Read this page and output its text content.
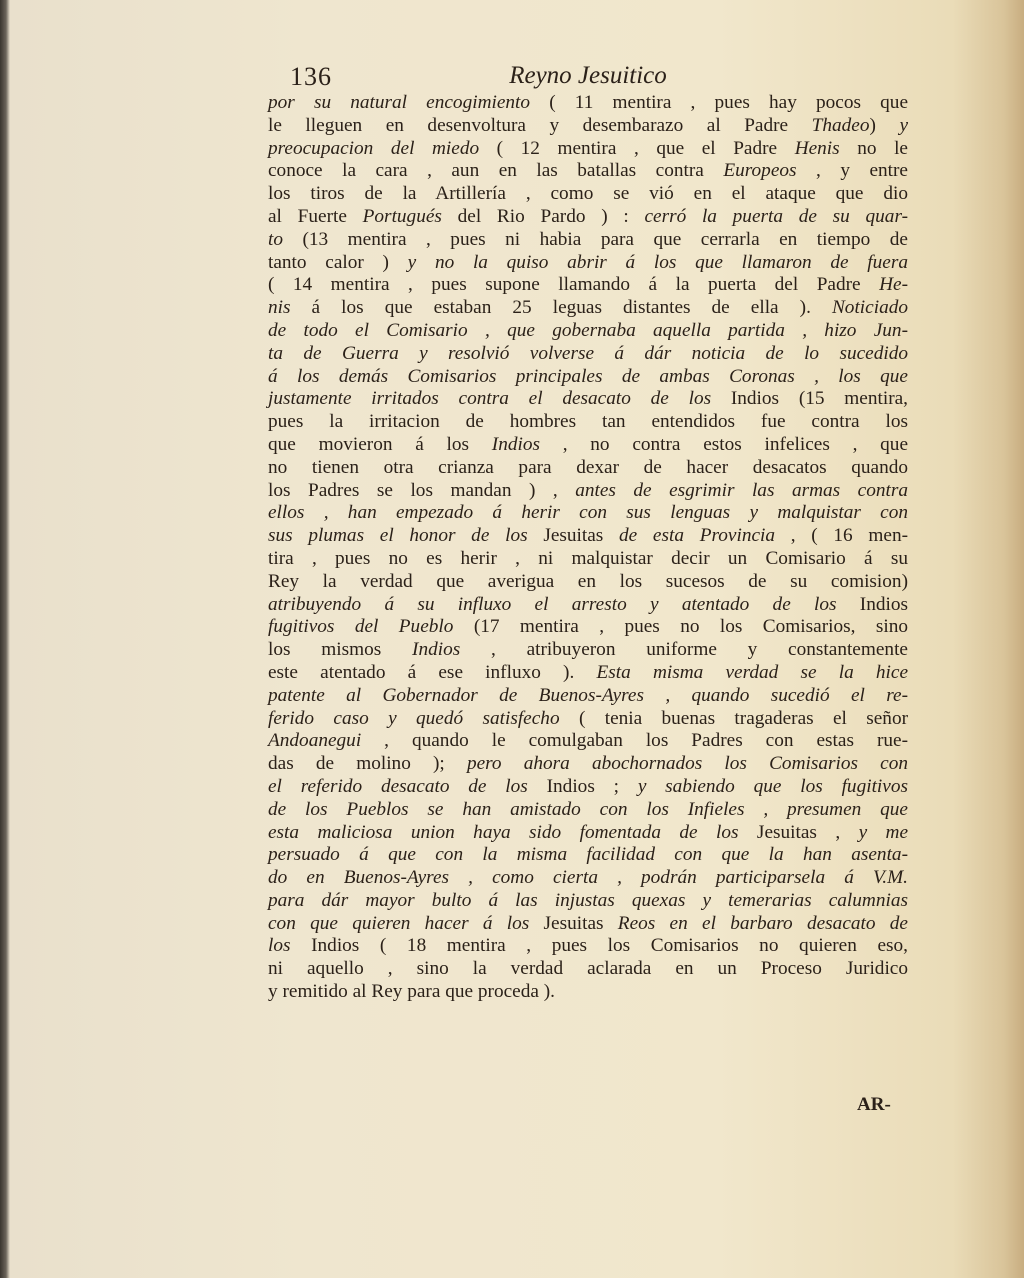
136	Reyno Jesuitico
por su natural encogimiento ( 11 mentira , pues hay pocos que
le lleguen en desenvoltura y desembarazo al Padre Thadeo) y
preocupacion del miedo ( 12 mentira , que el Padre Henis no le
conoce la cara , aun en las batallas contra Europeos , y entre
los tiros de la Artillería , como se vió en el ataque que dio
al Fuerte Portugués del Rio Pardo ) : cerró la puerta de su quar-
to (13 mentira , pues ni habia para que cerrarla en tiempo de
tanto calor ) y no la quiso abrir á los que llamaron de fuera
( 14 mentira , pues supone llamando á la puerta del Padre He-
nis á los que estaban 25 leguas distantes de ella ). Noticiado
de todo el Comisario , que gobernaba aquella partida , hizo Jun-
ta de Guerra y resolvió volverse á dár noticia de lo sucedido
á los demás Comisarios principales de ambas Coronas , los que
justamente irritados contra el desacato de los Indios (15 mentira,
pues la irritacion de hombres tan entendidos fue contra los
que movieron á los Indios , no contra estos infelices , que
no tienen otra crianza para dexar de hacer desacatos quando
los Padres se los mandan ) , antes de esgrimir las armas contra
ellos , han empezado á herir con sus lenguas y malquistar con
sus plumas el honor de los Jesuitas de esta Provincia , ( 16 men-
tira , pues no es herir , ni malquistar decir un Comisario á su
Rey la verdad que averigua en los sucesos de su comision)
atribuyendo á su influxo el arresto y atentado de los Indios
fugitivos del Pueblo (17 mentira , pues no los Comisarios, sino
los mismos Indios , atribuyeron uniforme y constantemente
este atentado á ese influxo ). Esta misma verdad se la hice
patente al Gobernador de Buenos-Ayres , quando sucedió el re-
ferido caso y quedó satisfecho ( tenia buenas tragaderas el señor
Andoanegui , quando le comulgaban los Padres con estas rue-
das de molino ); pero ahora abochornados los Comisarios con
el referido desacato de los Indios ; y sabiendo que los fugitivos
de los Pueblos se han amistado con los Infieles , presumen que
esta maliciosa union haya sido fomentada de los Jesuitas , y me
persuado á que con la misma facilidad con que la han asenta-
do en Buenos-Ayres , como cierta , podrán participarsela á V.M.
para dár mayor bulto á las injustas quexas y temerarias calumnias
con que quieren hacer á los Jesuitas Reos en el barbaro desacato de
los Indios ( 18 mentira , pues los Comisarios no quieren eso,
ni aquello , sino la verdad aclarada en un Proceso Juridico
y remitido al Rey para que proceda ).
AR-
